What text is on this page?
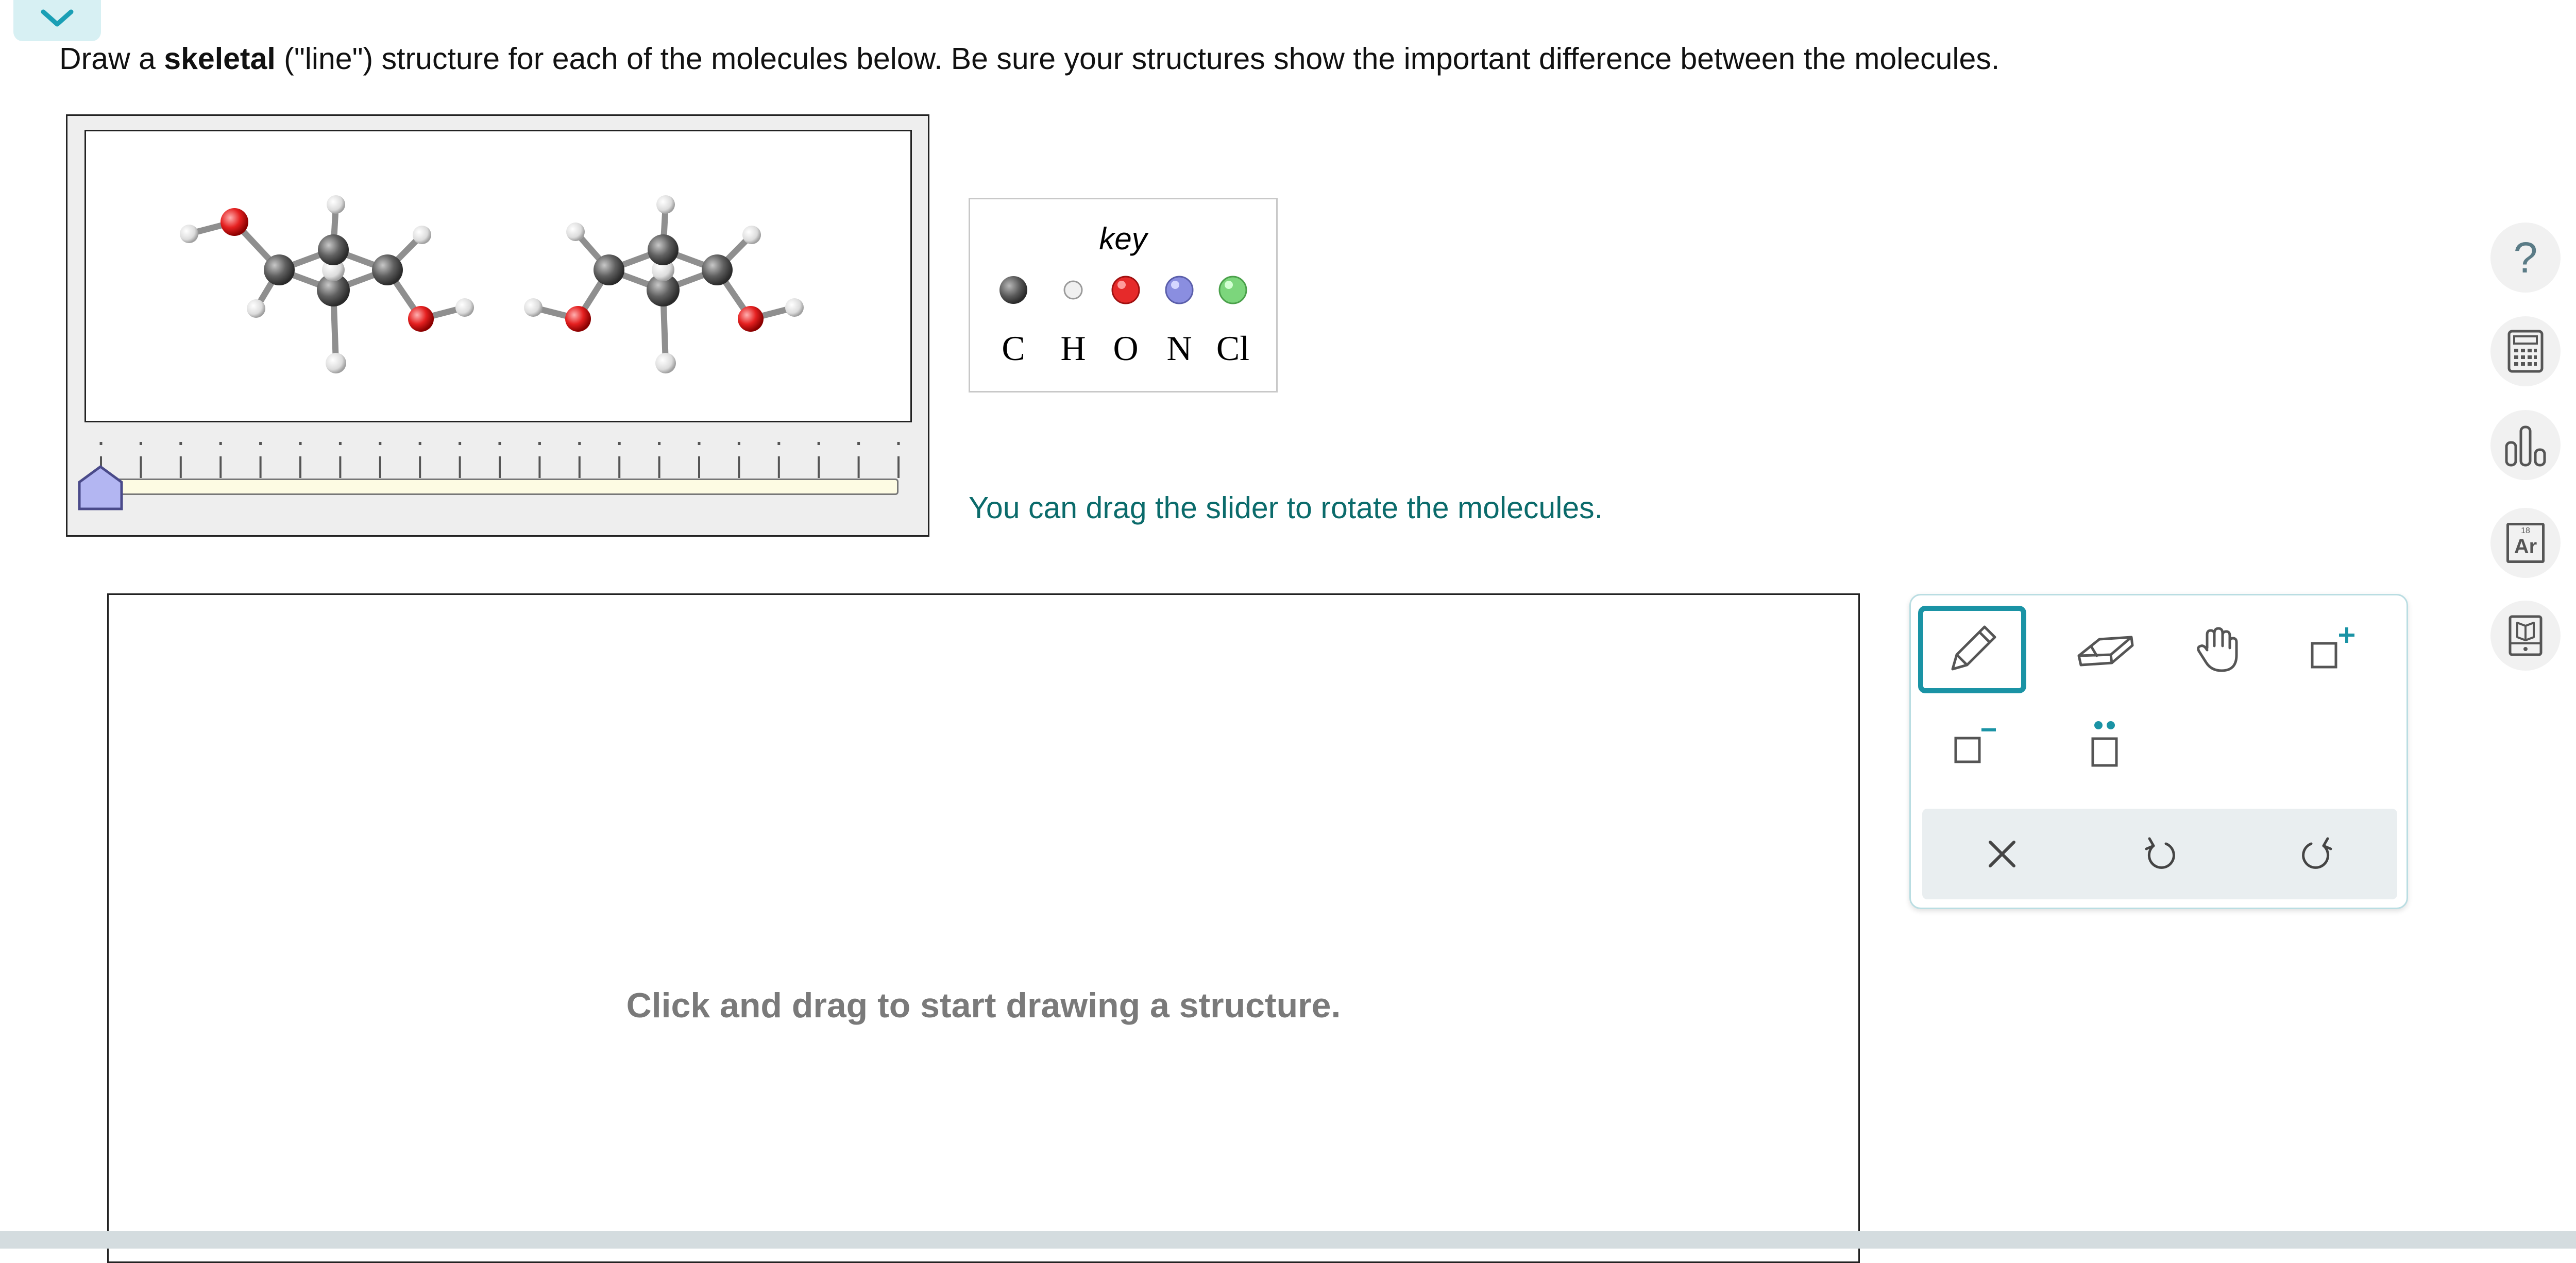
Draw a skeletal ("line") structure for each of the molecules below. Be sure your structures show the important difference between the molecules.
key
C	H O N Cl
You can drag the slider to rotate the molecules.
Click and drag to start drawing a structure.
?
18
Ar
